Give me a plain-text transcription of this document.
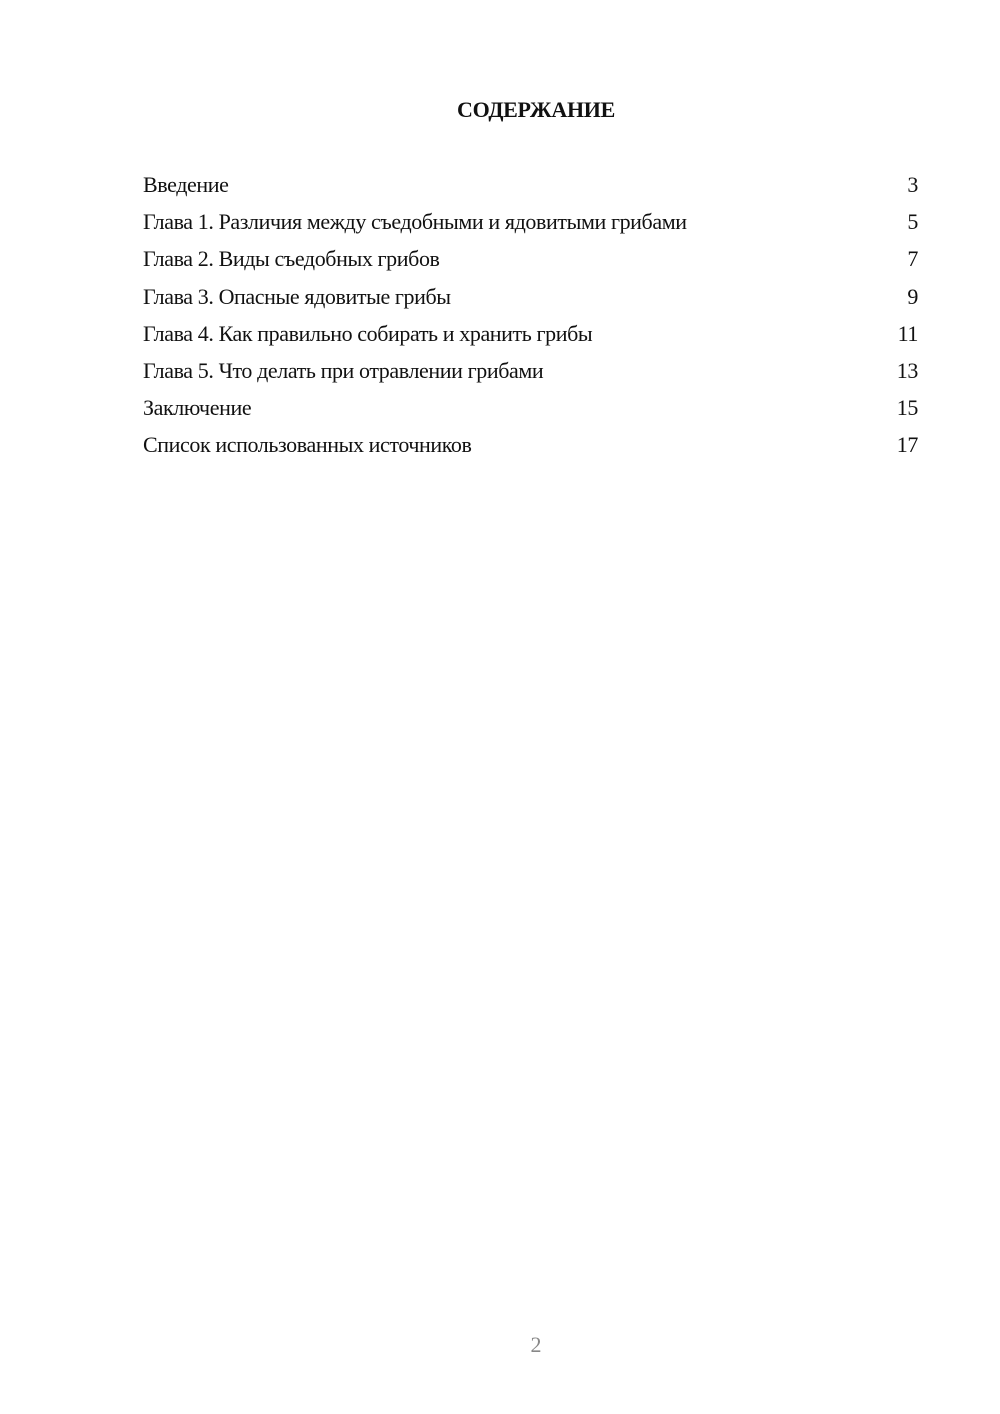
СОДЕРЖАНИЕ
Введение	3
Глава 1. Различия между съедобными и ядовитыми грибами	5
Глава 2. Виды съедобных грибов	7
Глава 3. Опасные ядовитые грибы	9
Глава 4. Как правильно собирать и хранить грибы	11
Глава 5. Что делать при отравлении грибами	13
Заключение	15
Список использованных источников	17
2
